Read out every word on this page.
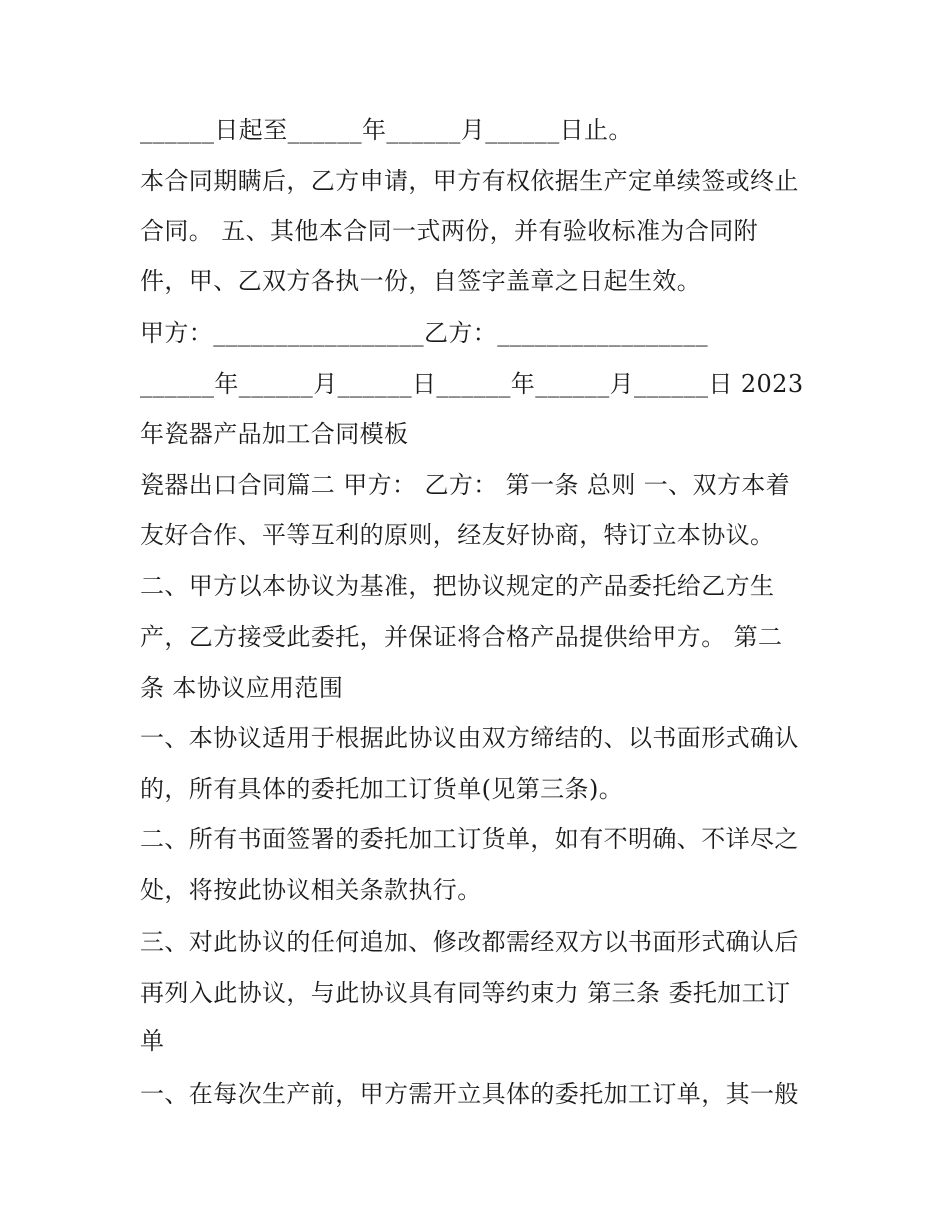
______日起至______年______月______日止。
本合同期瞒后，乙方申请，甲方有权依据生产定单续签或终止
合同。 五、其他本合同一式两份，并有验收标准为合同附
件，甲、乙双方各执一份，自签字盖章之日起生效。
甲方：_________________乙方：_________________
______年______月______日______年______月______日 2023
年瓷器产品加工合同模板
瓷器出口合同篇二 甲方： 乙方： 第一条 总则 一、双方本着
友好合作、平等互利的原则，经友好协商，特订立本协议。
二、甲方以本协议为基准，把协议规定的产品委托给乙方生
产，乙方接受此委托，并保证将合格产品提供给甲方。 第二
条 本协议应用范围
一、本协议适用于根据此协议由双方缔结的、以书面形式确认
的，所有具体的委托加工订货单(见第三条)。
二、所有书面签署的委托加工订货单，如有不明确、不详尽之
处，将按此协议相关条款执行。
三、对此协议的任何追加、修改都需经双方以书面形式确认后
再列入此协议，与此协议具有同等约束力 第三条 委托加工订
单
一、在每次生产前，甲方需开立具体的委托加工订单，其一般
